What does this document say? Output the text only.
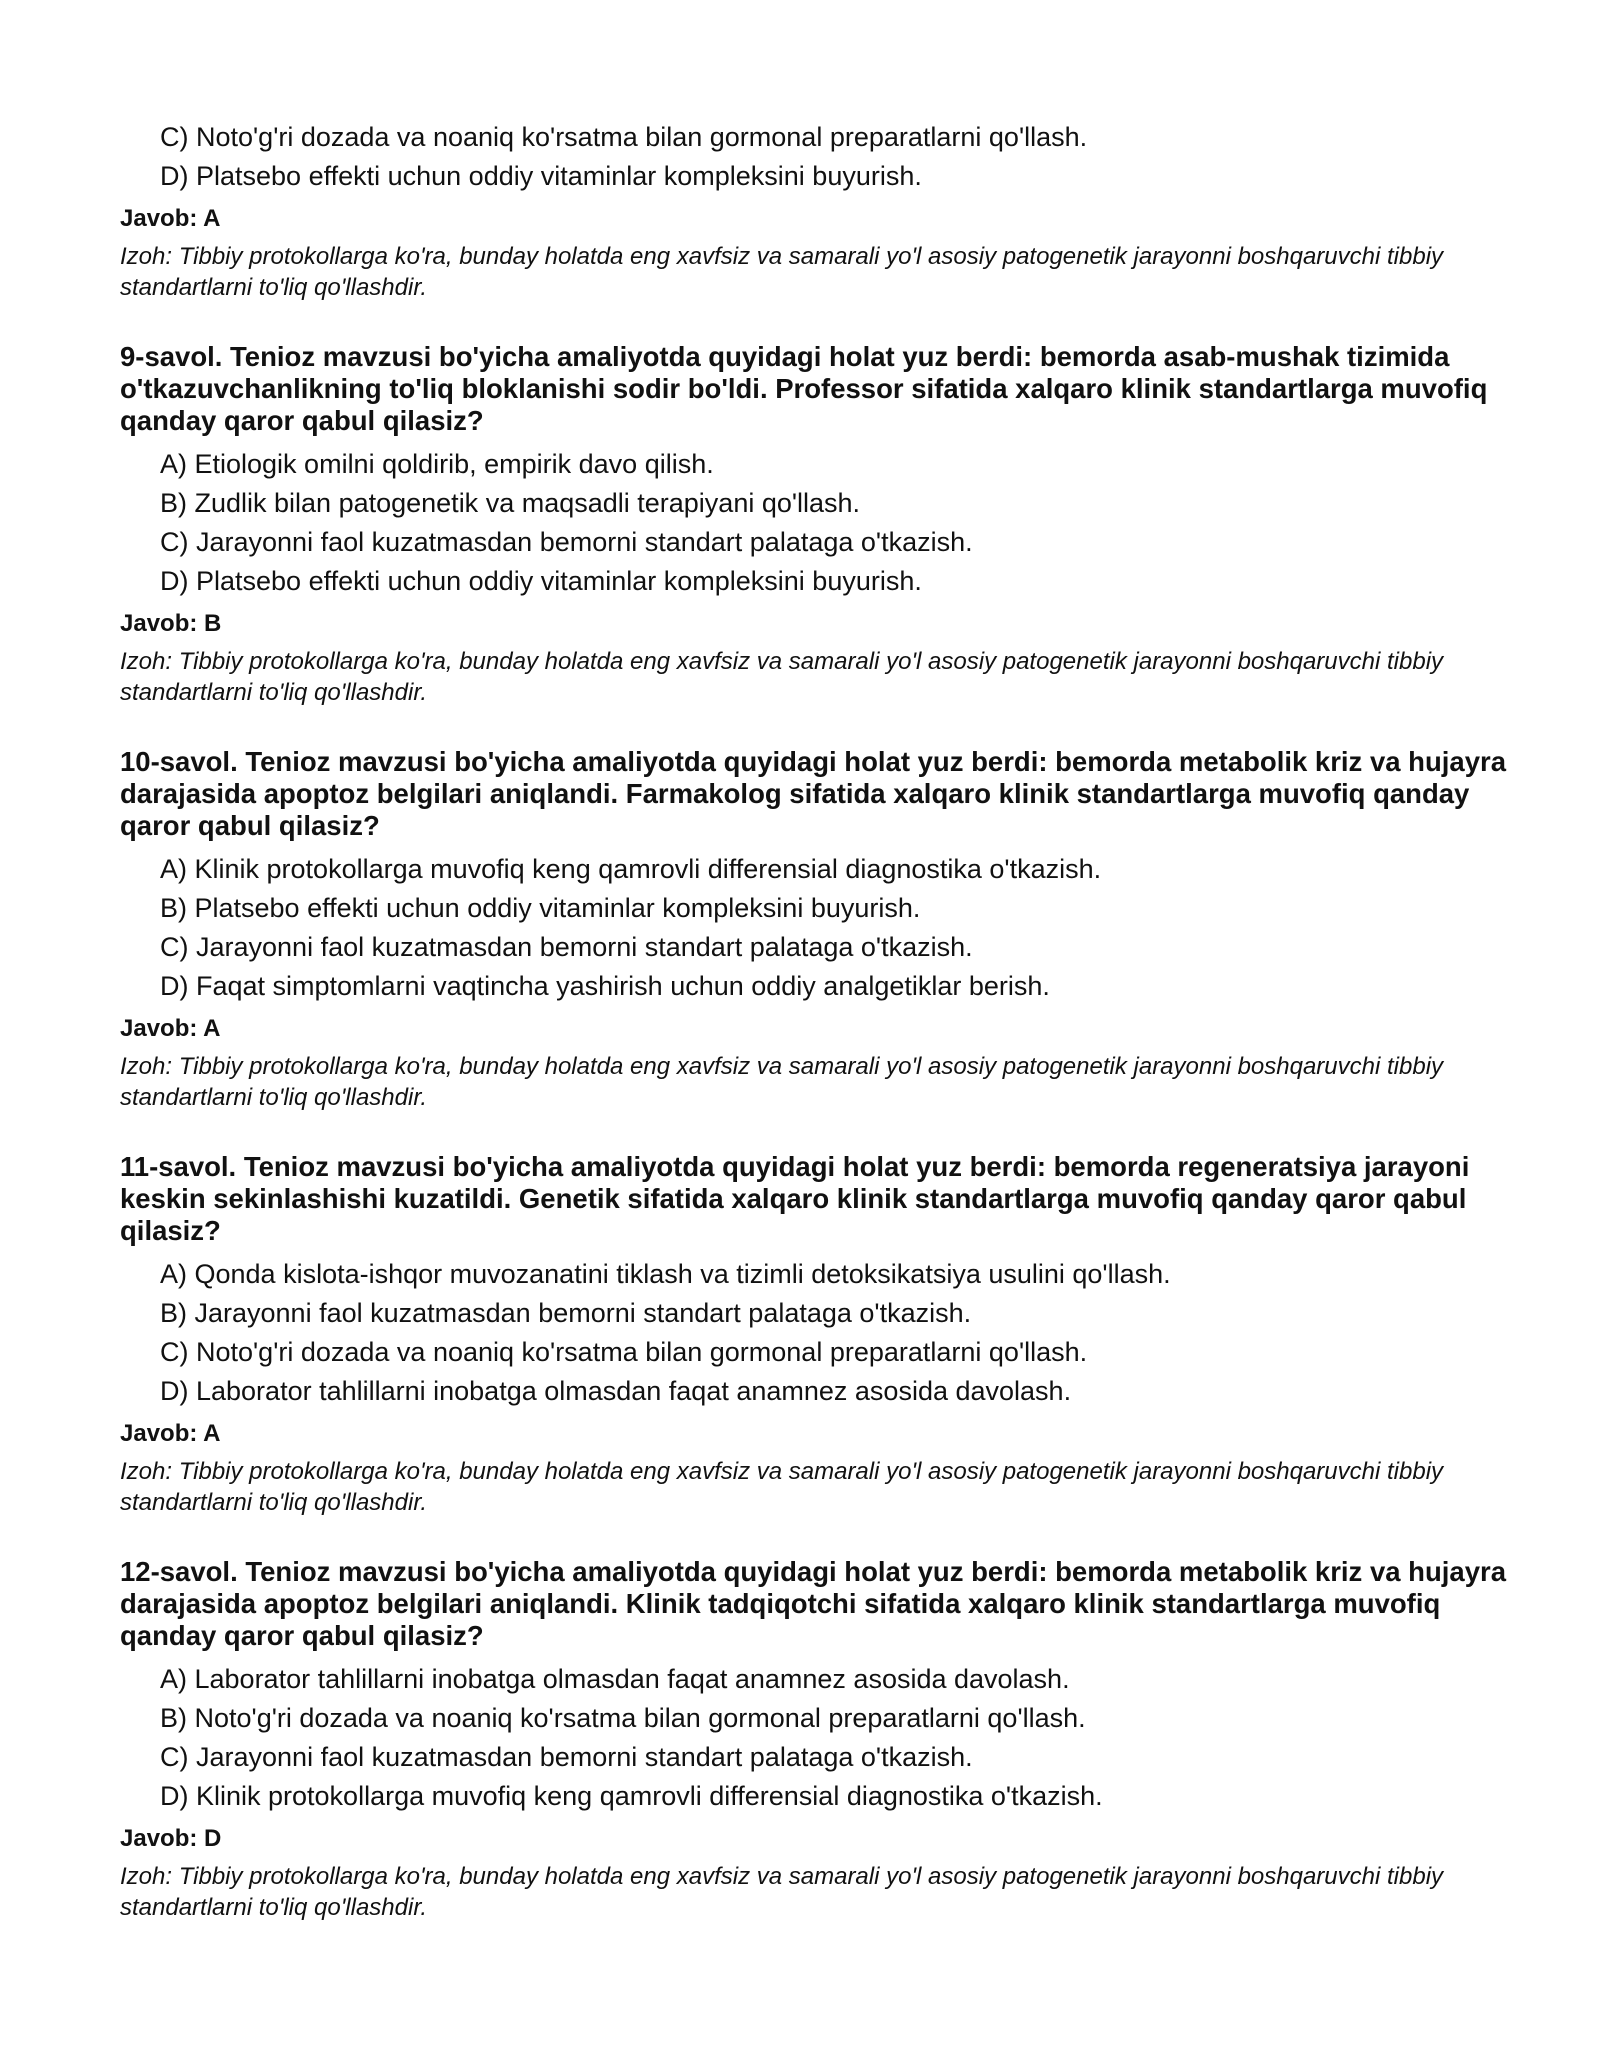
C) Noto'g'ri dozada va noaniq ko'rsatma bilan gormonal preparatlarni qo'llash.
D) Platsebo effekti uchun oddiy vitaminlar kompleksini buyurish.
Javob: A
Izoh: Tibbiy protokollarga ko'ra, bunday holatda eng xavfsiz va samarali yo'l asosiy patogenetik jarayonni boshqaruvchi tibbiy standartlarni to'liq qo'llashdir.
9-savol. Tenioz mavzusi bo'yicha amaliyotda quyidagi holat yuz berdi: bemorda asab-mushak tizimida o'tkazuvchanlikning to'liq bloklanishi sodir bo'ldi. Professor sifatida xalqaro klinik standartlarga muvofiq qanday qaror qabul qilasiz?
A) Etiologik omilni qoldirib, empirik davo qilish.
B) Zudlik bilan patogenetik va maqsadli terapiyani qo'llash.
C) Jarayonni faol kuzatmasdan bemorni standart palataga o'tkazish.
D) Platsebo effekti uchun oddiy vitaminlar kompleksini buyurish.
Javob: B
Izoh: Tibbiy protokollarga ko'ra, bunday holatda eng xavfsiz va samarali yo'l asosiy patogenetik jarayonni boshqaruvchi tibbiy standartlarni to'liq qo'llashdir.
10-savol. Tenioz mavzusi bo'yicha amaliyotda quyidagi holat yuz berdi: bemorda metabolik kriz va hujayra darajasida apoptoz belgilari aniqlandi. Farmakolog sifatida xalqaro klinik standartlarga muvofiq qanday qaror qabul qilasiz?
A) Klinik protokollarga muvofiq keng qamrovli differensial diagnostika o'tkazish.
B) Platsebo effekti uchun oddiy vitaminlar kompleksini buyurish.
C) Jarayonni faol kuzatmasdan bemorni standart palataga o'tkazish.
D) Faqat simptomlarni vaqtincha yashirish uchun oddiy analgetiklar berish.
Javob: A
Izoh: Tibbiy protokollarga ko'ra, bunday holatda eng xavfsiz va samarali yo'l asosiy patogenetik jarayonni boshqaruvchi tibbiy standartlarni to'liq qo'llashdir.
11-savol. Tenioz mavzusi bo'yicha amaliyotda quyidagi holat yuz berdi: bemorda regeneratsiya jarayoni keskin sekinlashishi kuzatildi. Genetik sifatida xalqaro klinik standartlarga muvofiq qanday qaror qabul qilasiz?
A) Qonda kislota-ishqor muvozanatini tiklash va tizimli detoksikatsiya usulini qo'llash.
B) Jarayonni faol kuzatmasdan bemorni standart palataga o'tkazish.
C) Noto'g'ri dozada va noaniq ko'rsatma bilan gormonal preparatlarni qo'llash.
D) Laborator tahlillarni inobatga olmasdan faqat anamnez asosida davolash.
Javob: A
Izoh: Tibbiy protokollarga ko'ra, bunday holatda eng xavfsiz va samarali yo'l asosiy patogenetik jarayonni boshqaruvchi tibbiy standartlarni to'liq qo'llashdir.
12-savol. Tenioz mavzusi bo'yicha amaliyotda quyidagi holat yuz berdi: bemorda metabolik kriz va hujayra darajasida apoptoz belgilari aniqlandi. Klinik tadqiqotchi sifatida xalqaro klinik standartlarga muvofiq qanday qaror qabul qilasiz?
A) Laborator tahlillarni inobatga olmasdan faqat anamnez asosida davolash.
B) Noto'g'ri dozada va noaniq ko'rsatma bilan gormonal preparatlarni qo'llash.
C) Jarayonni faol kuzatmasdan bemorni standart palataga o'tkazish.
D) Klinik protokollarga muvofiq keng qamrovli differensial diagnostika o'tkazish.
Javob: D
Izoh: Tibbiy protokollarga ko'ra, bunday holatda eng xavfsiz va samarali yo'l asosiy patogenetik jarayonni boshqaruvchi tibbiy standartlarni to'liq qo'llashdir.
